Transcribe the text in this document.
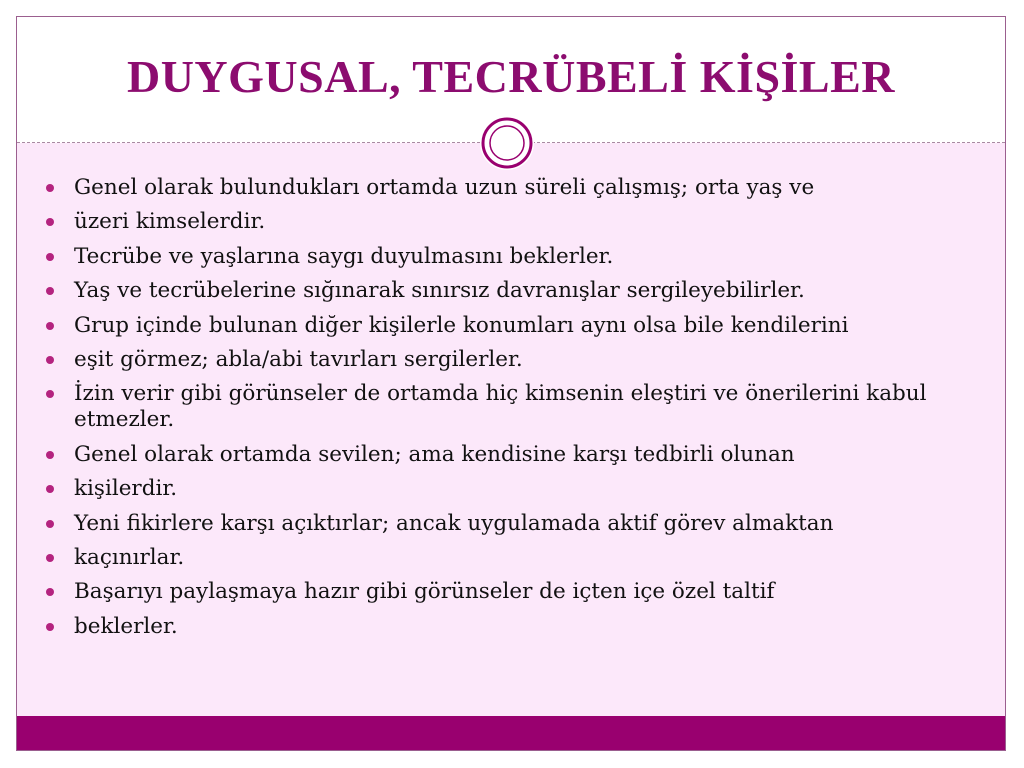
DUYGUSAL, TECRÜBELİ KİŞİLER
Genel olarak bulundukları ortamda uzun süreli çalışmış; orta yaş ve
üzeri kimselerdir.
Tecrübe ve yaşlarına saygı duyulmasını beklerler.
Yaş ve tecrübelerine sığınarak sınırsız davranışlar sergileyebilirler.
Grup içinde bulunan diğer kişilerle konumları aynı olsa bile kendilerini
eşit görmez; abla/abi tavırları sergilerler.
İzin verir gibi görünseler de ortamda hiç kimsenin eleştiri ve önerilerini kabul etmezler.
Genel olarak ortamda sevilen; ama kendisine karşı tedbirli olunan
kişilerdir.
Yeni fikirlere karşı açıktırlar; ancak uygulamada aktif görev almaktan
kaçınırlar.
Başarıyı paylaşmaya hazır gibi görünseler de içten içe özel taltif
beklerler.
